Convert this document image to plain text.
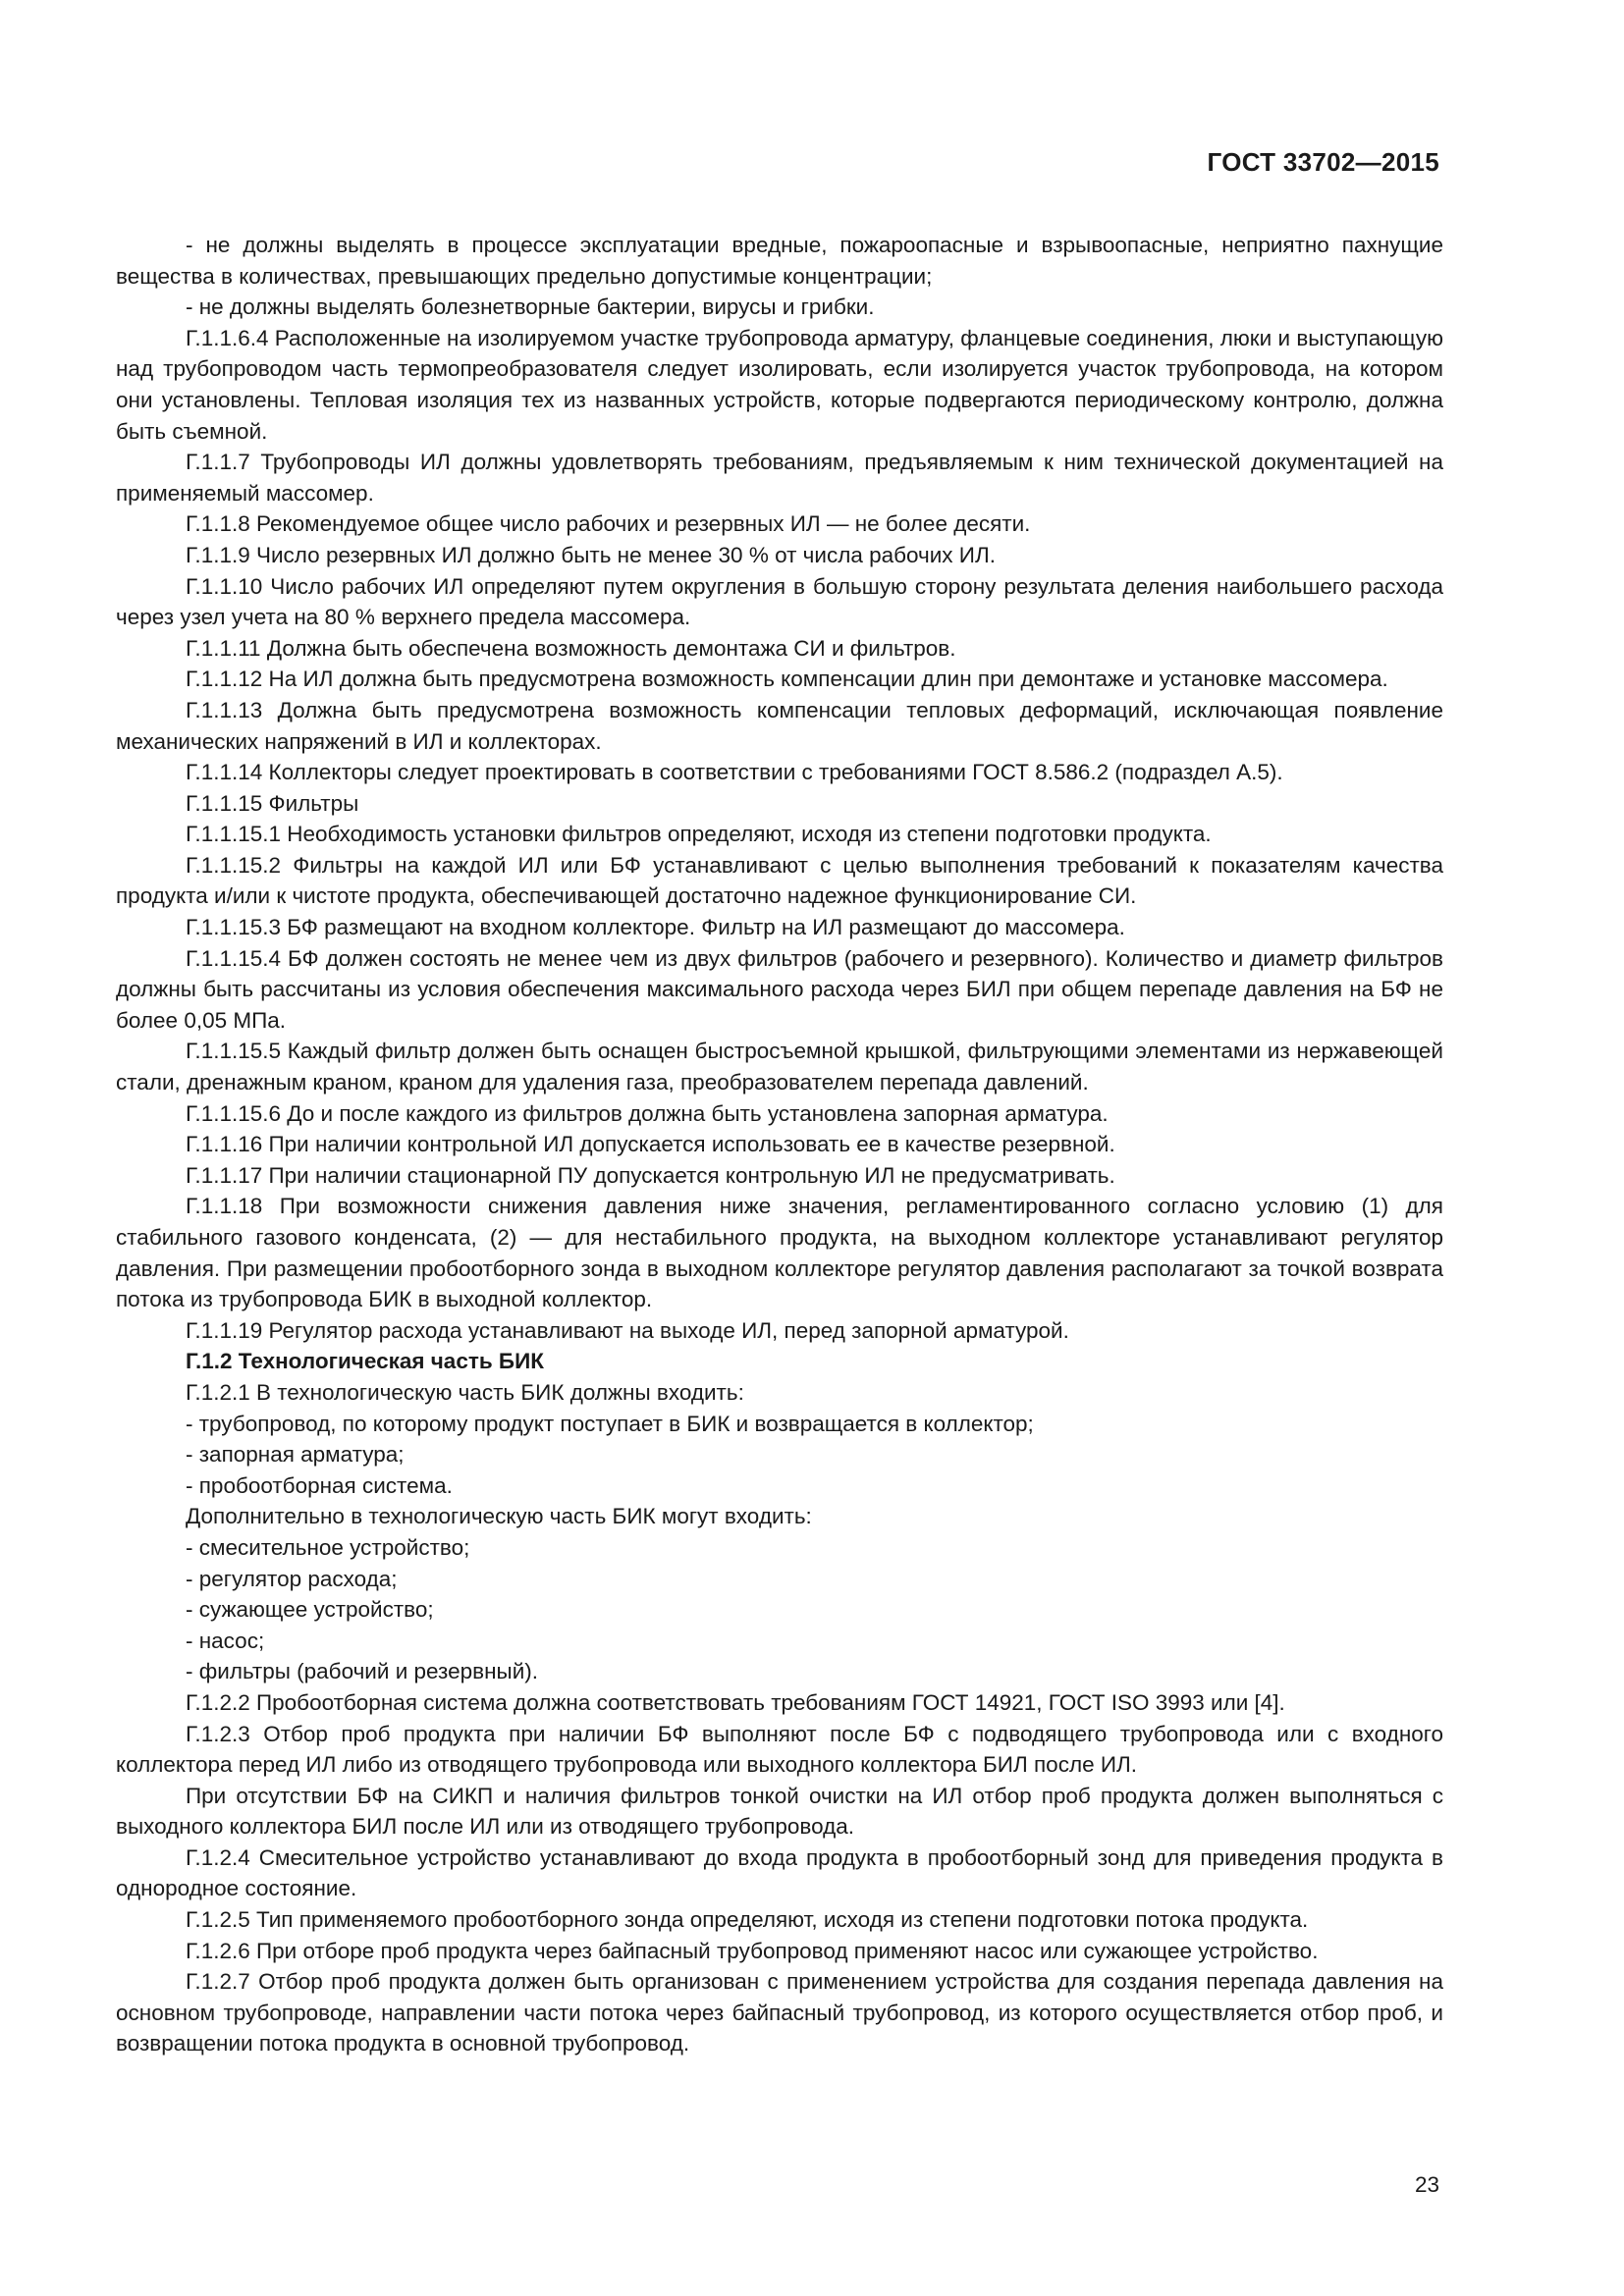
ГОСТ 33702—2015

- не должны выделять в процессе эксплуатации вредные, пожароопасные и взрывоопасные, неприятно пахнущие вещества в количествах, превышающих предельно допустимые концентрации;

- не должны выделять болезнетворные бактерии, вирусы и грибки.

Г.1.1.6.4 Расположенные на изолируемом участке трубопровода арматуру, фланцевые соединения, люки и выступающую над трубопроводом часть термопреобразователя следует изолировать, если изолируется участок трубопровода, на котором они установлены. Тепловая изоляция тех из названных устройств, которые подвергаются периодическому контролю, должна быть съемной.

Г.1.1.7 Трубопроводы ИЛ должны удовлетворять требованиям, предъявляемым к ним технической документацией на применяемый массомер.

Г.1.1.8 Рекомендуемое общее число рабочих и резервных ИЛ — не более десяти.

Г.1.1.9 Число резервных ИЛ должно быть не менее 30 % от числа рабочих ИЛ.

Г.1.1.10 Число рабочих ИЛ определяют путем округления в большую сторону результата деления наибольшего расхода через узел учета на 80 % верхнего предела массомера.

Г.1.1.11 Должна быть обеспечена возможность демонтажа СИ и фильтров.

Г.1.1.12 На ИЛ должна быть предусмотрена возможность компенсации длин при демонтаже и установке массомера.

Г.1.1.13 Должна быть предусмотрена возможность компенсации тепловых деформаций, исключающая появление механических напряжений в ИЛ и коллекторах.

Г.1.1.14 Коллекторы следует проектировать в соответствии с требованиями ГОСТ 8.586.2 (подраздел А.5).

Г.1.1.15 Фильтры

Г.1.1.15.1 Необходимость установки фильтров определяют, исходя из степени подготовки продукта.

Г.1.1.15.2 Фильтры на каждой ИЛ или БФ устанавливают с целью выполнения требований к показателям качества продукта и/или к чистоте продукта, обеспечивающей достаточно надежное функционирование СИ.

Г.1.1.15.3 БФ размещают на входном коллекторе. Фильтр на ИЛ размещают до массомера.

Г.1.1.15.4 БФ должен состоять не менее чем из двух фильтров (рабочего и резервного). Количество и диаметр фильтров должны быть рассчитаны из условия обеспечения максимального расхода через БИЛ при общем перепаде давления на БФ не более 0,05 МПа.

Г.1.1.15.5 Каждый фильтр должен быть оснащен быстросъемной крышкой, фильтрующими элементами из нержавеющей стали, дренажным краном, краном для удаления газа, преобразователем перепада давлений.

Г.1.1.15.6 До и после каждого из фильтров должна быть установлена запорная арматура.

Г.1.1.16 При наличии контрольной ИЛ допускается использовать ее в качестве резервной.

Г.1.1.17 При наличии стационарной ПУ допускается контрольную ИЛ не предусматривать.

Г.1.1.18 При возможности снижения давления ниже значения, регламентированного согласно условию (1) для стабильного газового конденсата, (2) — для нестабильного продукта, на выходном коллекторе устанавливают регулятор давления. При размещении пробоотборного зонда в выходном коллекторе регулятор давления располагают за точкой возврата потока из трубопровода БИК в выходной коллектор.

Г.1.1.19 Регулятор расхода устанавливают на выходе ИЛ, перед запорной арматурой.

Г.1.2 Технологическая часть БИК

Г.1.2.1 В технологическую часть БИК должны входить:

- трубопровод, по которому продукт поступает в БИК и возвращается в коллектор;

- запорная арматура;

- пробоотборная система.

Дополнительно в технологическую часть БИК могут входить:

- смесительное устройство;

- регулятор расхода;

- сужающее устройство;

- насос;

- фильтры (рабочий и резервный).

Г.1.2.2 Пробоотборная система должна соответствовать требованиям ГОСТ 14921, ГОСТ ISO 3993 или [4].

Г.1.2.3 Отбор проб продукта при наличии БФ выполняют после БФ с подводящего трубопровода или с входного коллектора перед ИЛ либо из отводящего трубопровода или выходного коллектора БИЛ после ИЛ.

При отсутствии БФ на СИКП и наличия фильтров тонкой очистки на ИЛ отбор проб продукта должен выполняться с выходного коллектора БИЛ после ИЛ или из отводящего трубопровода.

Г.1.2.4 Смесительное устройство устанавливают до входа продукта в пробоотборный зонд для приведения продукта в однородное состояние.

Г.1.2.5 Тип применяемого пробоотборного зонда определяют, исходя из степени подготовки потока продукта.

Г.1.2.6 При отборе проб продукта через байпасный трубопровод применяют насос или сужающее устройство.

Г.1.2.7 Отбор проб продукта должен быть организован с применением устройства для создания перепада давления на основном трубопроводе, направлении части потока через байпасный трубопровод, из которого осуществляется отбор проб, и возвращении потока продукта в основной трубопровод.

23
